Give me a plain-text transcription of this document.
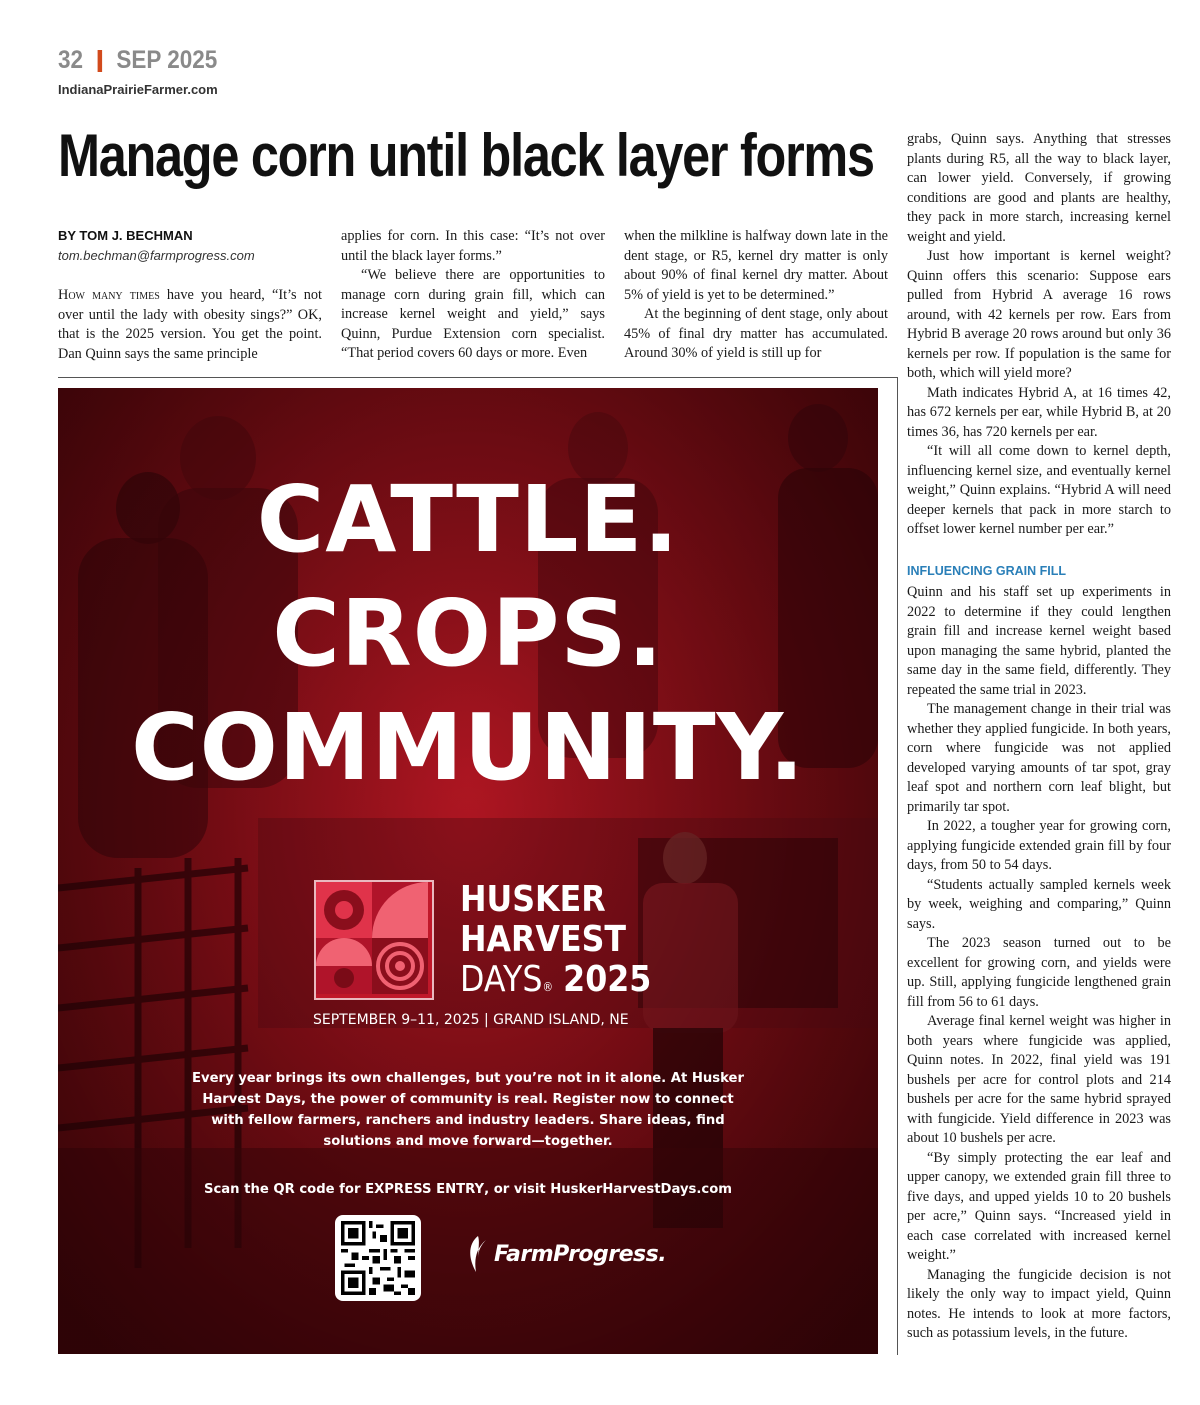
32 SEP 2025
IndianaPrairieFarmer.com
Manage corn until black layer forms
BY TOM J. BECHMAN
tom.bechman@farmprogress.com

How many times have you heard, “It’s not over until the lady with obesity sings?” OK, that is the 2025 version. You get the point. Dan Quinn says the same principle

applies for corn. In this case: “It’s not over until the black layer forms.”

“We believe there are opportunities to manage corn during grain fill, which can increase kernel weight and yield,” says Quinn, Purdue Extension corn specialist. “That period covers 60 days or more. Even

when the milkline is halfway down late in the dent stage, or R5, kernel dry matter is only about 90% of final kernel dry matter. About 5% of yield is yet to be determined.”

At the beginning of dent stage, only about 45% of final dry matter has accumulated. Around 30% of yield is still up for

grabs, Quinn says. Anything that stresses plants during R5, all the way to black layer, can lower yield. Conversely, if growing conditions are good and plants are healthy, they pack in more starch, increasing kernel weight and yield.

Just how important is kernel weight? Quinn offers this scenario: Suppose ears pulled from Hybrid A average 16 rows around, with 42 kernels per row. Ears from Hybrid B average 20 rows around but only 36 kernels per row. If population is the same for both, which will yield more?

Math indicates Hybrid A, at 16 times 42, has 672 kernels per ear, while Hybrid B, at 20 times 36, has 720 kernels per ear.

“It will all come down to kernel depth, influencing kernel size, and eventually kernel weight,” Quinn explains. “Hybrid A will need deeper kernels that pack in more starch to offset lower kernel number per ear.”

INFLUENCING GRAIN FILL

Quinn and his staff set up experiments in 2022 to determine if they could lengthen grain fill and increase kernel weight based upon managing the same hybrid, planted the same day in the same field, differently. They repeated the same trial in 2023.

The management change in their trial was whether they applied fungicide. In both years, corn where fungicide was not applied developed varying amounts of tar spot, gray leaf spot and northern corn leaf blight, but primarily tar spot.

In 2022, a tougher year for growing corn, applying fungicide extended grain fill by four days, from 50 to 54 days.

“Students actually sampled kernels week by week, weighing and comparing,” Quinn says.

The 2023 season turned out to be excellent for growing corn, and yields were up. Still, applying fungicide lengthened grain fill from 56 to 61 days.

Average final kernel weight was higher in both years where fungicide was applied, Quinn notes. In 2022, final yield was 191 bushels per acre for control plots and 214 bushels per acre for the same hybrid sprayed with fungicide. Yield difference in 2023 was about 10 bushels per acre.

“By simply protecting the ear leaf and upper canopy, we extended grain fill three to five days, and upped yields 10 to 20 bushels per acre,” Quinn says. “Increased yield in each case correlated with increased kernel weight.”

Managing the fungicide decision is not likely the only way to impact yield, Quinn notes. He intends to look at more factors, such as potassium levels, in the future.

CATTLE.
CROPS.
COMMUNITY.
HUSKER
HARVEST
DAYS® 2025
SEPTEMBER 9–11, 2025 | GRAND ISLAND, NE
Every year brings its own challenges, but you’re not in it alone. At Husker Harvest Days, the power of community is real. Register now to connect with fellow farmers, ranchers and industry leaders. Share ideas, find solutions and move forward—together.
Scan the QR code for EXPRESS ENTRY, or visit HuskerHarvestDays.com
FarmProgress.
